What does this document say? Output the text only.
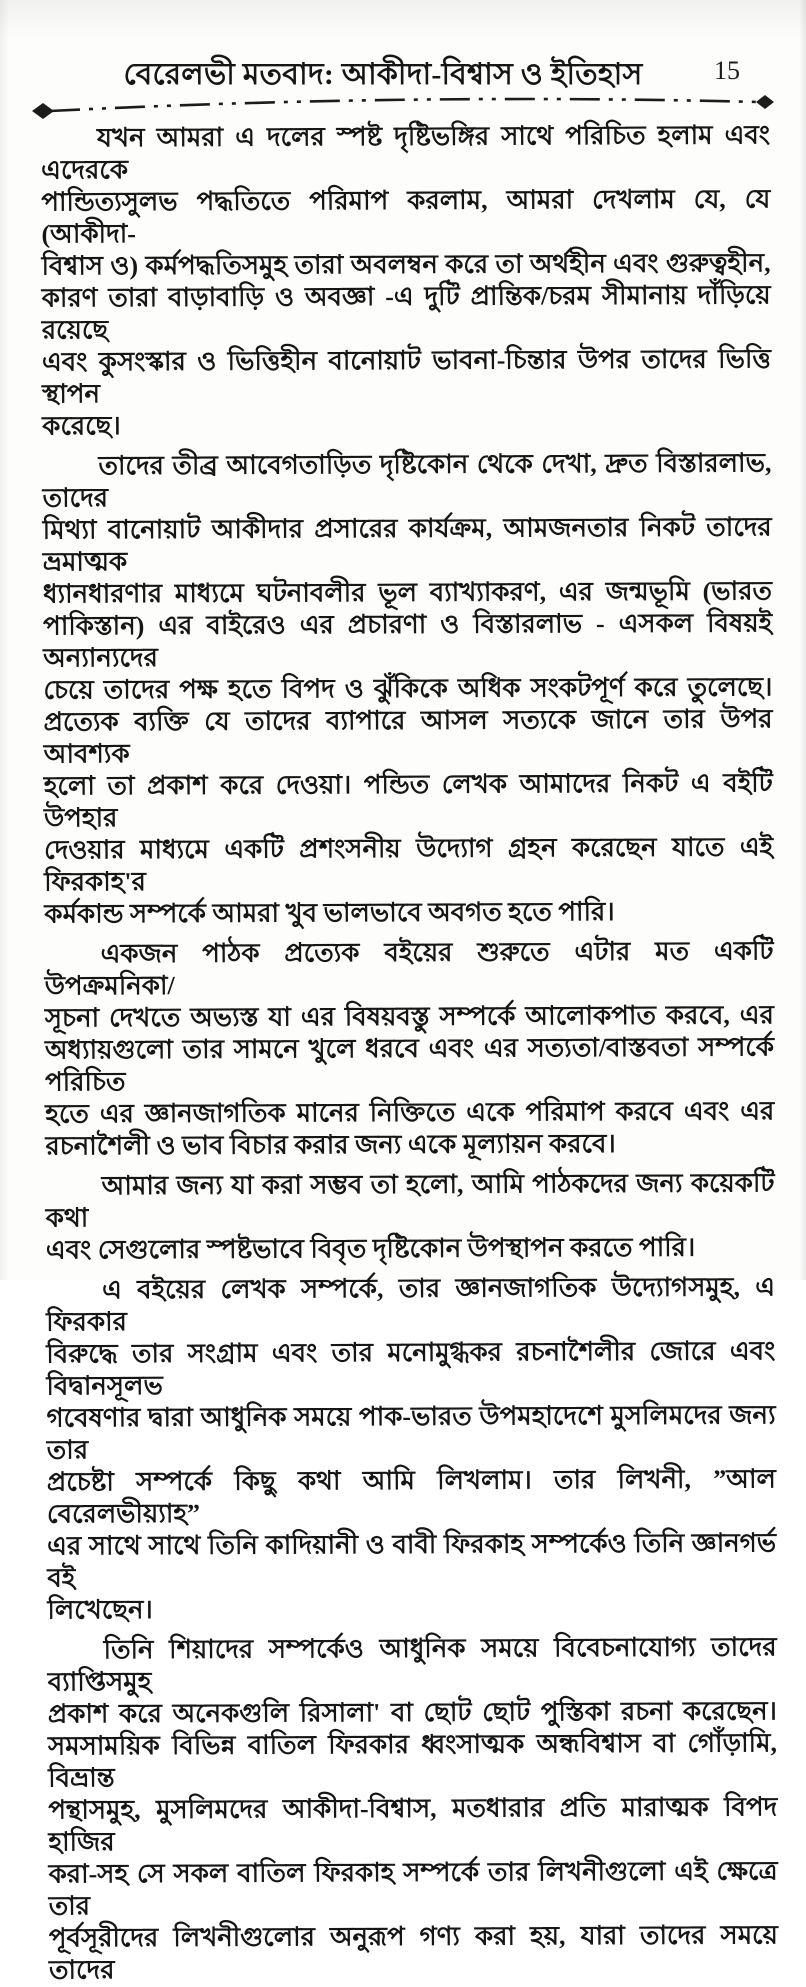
বেরেলভী মতবাদ: আকীদা-বিশ্বাস ও ইতিহাস	15
যখন আমরা এ দলের স্পষ্ট দৃষ্টিভঙ্গির সাথে পরিচিত হলাম এবং এদেরকে
পান্ডিত্যসুলভ পদ্ধতিতে পরিমাপ করলাম, আমরা দেখলাম যে, যে (আকীদা-
বিশ্বাস ও) কর্মপদ্ধতিসমুহ তারা অবলম্বন করে তা অর্থহীন এবং গুরুত্বহীন,
কারণ তারা বাড়াবাড়ি ও অবজ্ঞা -এ দুটি প্রান্তিক/চরম সীমানায় দাঁড়িয়ে রয়েছে
এবং কুসংস্কার ও ভিত্তিহীন বানোয়াট ভাবনা-চিন্তার উপর তাদের ভিত্তি স্থাপন
করেছে।
তাদের তীব্র আবেগতাড়িত দৃষ্টিকোন থেকে দেখা, দ্রুত বিস্তারলাভ, তাদের
মিথ্যা বানোয়াট আকীদার প্রসারের কার্যক্রম, আমজনতার নিকট তাদের ভ্রমাত্মক
ধ্যানধারণার মাধ্যমে ঘটনাবলীর ভূল ব্যাখ্যাকরণ, এর জন্মভূমি (ভারত
পাকিস্তান) এর বাইরেও এর প্রচারণা ও বিস্তারলাভ - এসকল বিষয়ই অন্যান্যদের
চেয়ে তাদের পক্ষ হতে বিপদ ও ঝুঁকিকে অধিক সংকটপূর্ণ করে তুলেছে।
প্রত্যেক ব্যক্তি যে তাদের ব্যাপারে আসল সত্যকে জানে তার উপর আবশ্যক
হলো তা প্রকাশ করে দেওয়া। পন্ডিত লেখক আমাদের নিকট এ বইটি উপহার
দেওয়ার মাধ্যমে একটি প্রশংসনীয় উদ্যোগ গ্রহন করেছেন যাতে এই ফিরকাহ'র
কর্মকান্ড সম্পর্কে আমরা খুব ভালভাবে অবগত হতে পারি।
একজন পাঠক প্রত্যেক বইয়ের শুরুতে এটার মত একটি উপক্রমনিকা/
সূচনা দেখতে অভ্যস্ত যা এর বিষয়বস্তু সম্পর্কে আলোকপাত করবে, এর
অধ্যায়গুলো তার সামনে খুলে ধরবে এবং এর সত্যতা/বাস্তবতা সম্পর্কে পরিচিত
হতে এর জ্ঞানজাগতিক মানের নিক্তিতে একে পরিমাপ করবে এবং এর
রচনাশৈলী ও ভাব বিচার করার জন্য একে মূল্যায়ন করবে।
আমার জন্য যা করা সম্ভব তা হলো, আমি পাঠকদের জন্য কয়েকটি কথা
এবং সেগুলোর স্পষ্টভাবে বিবৃত দৃষ্টিকোন উপস্থাপন করতে পারি।
এ বইয়ের লেখক সম্পর্কে, তার জ্ঞানজাগতিক উদ্যোগসমুহ, এ ফিরকার
বিরুদ্ধে তার সংগ্রাম এবং তার মনোমুগ্ধকর রচনাশৈলীর জোরে এবং বিদ্বানসূলভ
গবেষণার দ্বারা আধুনিক সময়ে পাক-ভারত উপমহাদেশে মুসলিমদের জন্য তার
প্রচেষ্টা সম্পর্কে কিছু কথা আমি লিখলাম। তার লিখনী, ”আল বেরেলভীয়্যাহ”
এর সাথে সাথে তিনি কাদিয়ানী ও বাবী ফিরকাহ সম্পর্কেও তিনি জ্ঞানগর্ভ বই
লিখেছেন।
তিনি শিয়াদের সম্পর্কেও আধুনিক সময়ে বিবেচনাযোগ্য তাদের ব্যাপ্তিসমুহ
প্রকাশ করে অনেকগুলি রিসালা' বা ছোট ছোট পুস্তিকা রচনা করেছেন।
সমসাময়িক বিভিন্ন বাতিল ফিরকার ধ্বংসাত্মক অন্ধবিশ্বাস বা গোঁড়ামি, বিভ্রান্ত
পন্থাসমুহ, মুসলিমদের আকীদা-বিশ্বাস, মতধারার প্রতি মারাত্মক বিপদ হাজির
করা-সহ সে সকল বাতিল ফিরকাহ সম্পর্কে তার লিখনীগুলো এই ক্ষেত্রে তার
পূর্বসূরীদের লিখনীগুলোর অনুরূপ গণ্য করা হয়, যারা তাদের সময়ে তাদের
